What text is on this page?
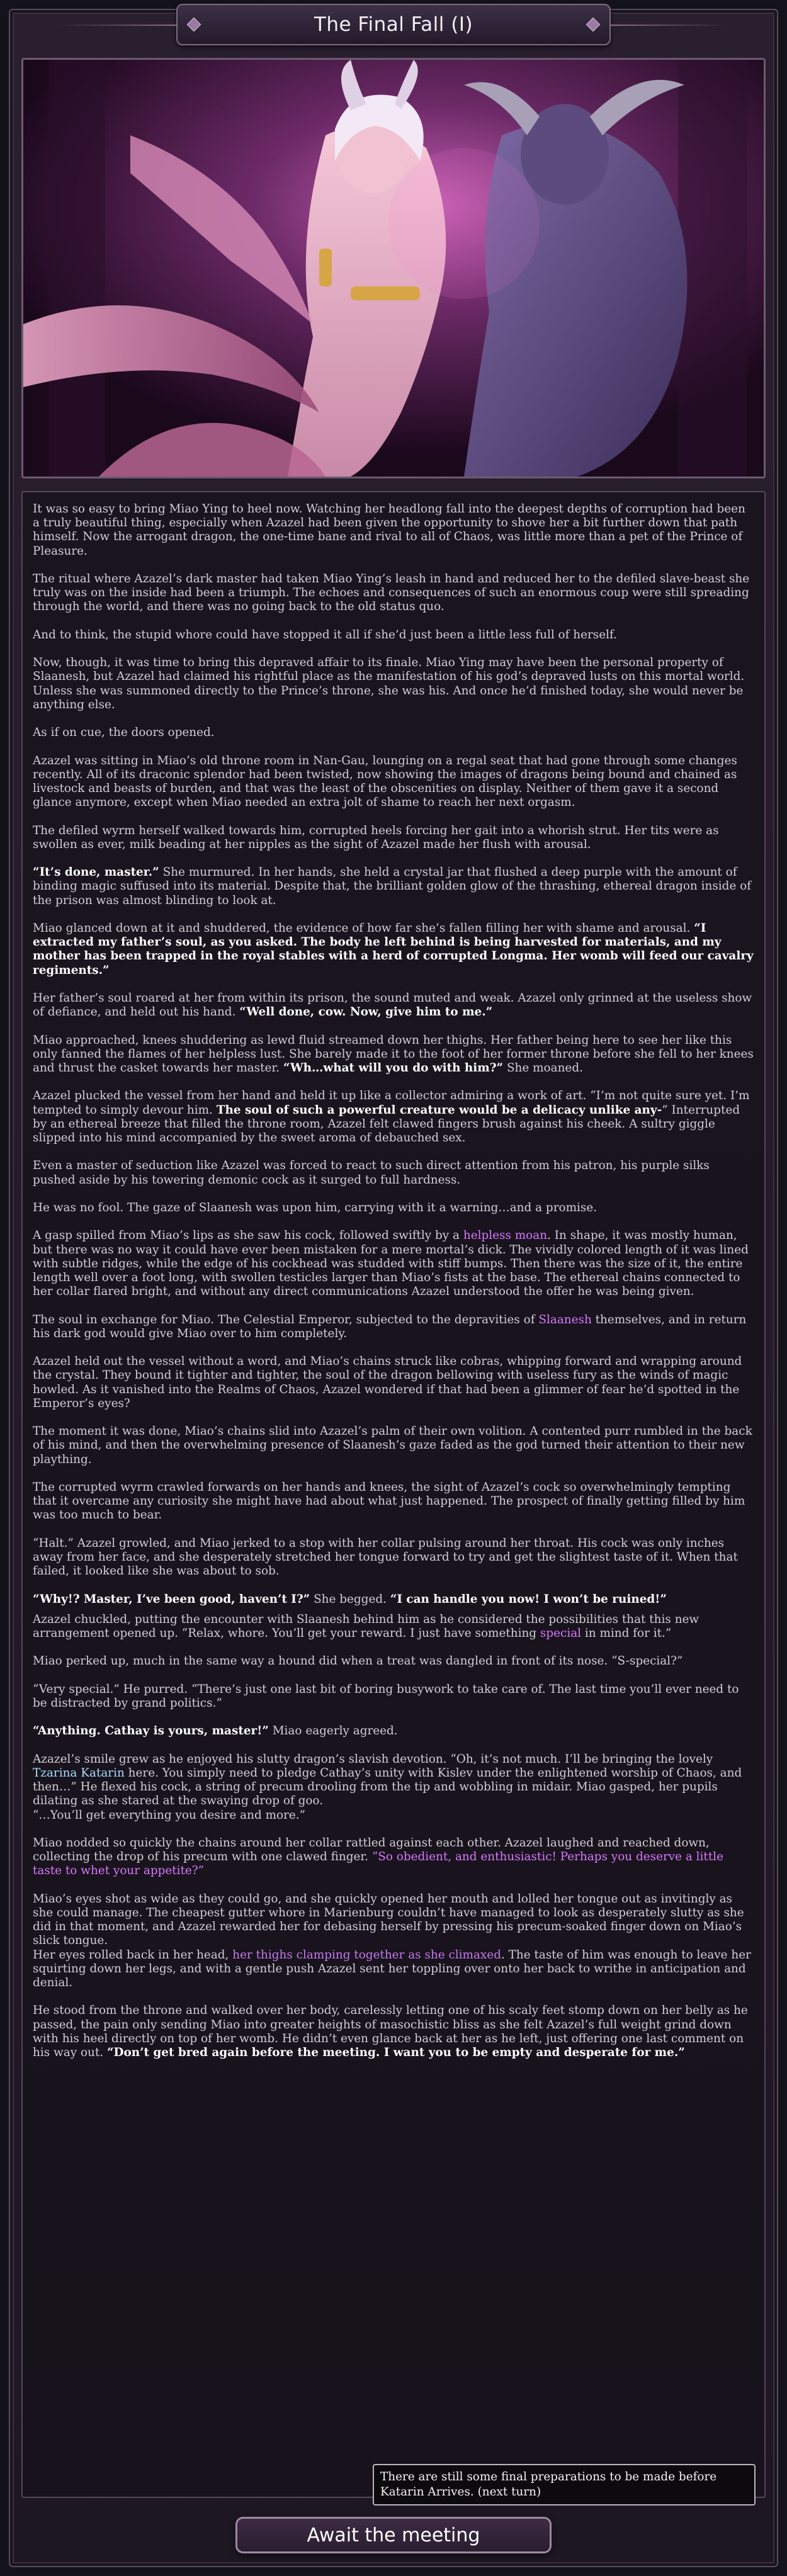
The Final Fall (I)

It was so easy to bring Miao Ying to heel now. Watching her headlong fall into the deepest depths of corruption had been a truly beautiful thing, especially when Azazel had been given the opportunity to shove her a bit further down that path himself. Now the arrogant dragon, the one-time bane and rival to all of Chaos, was little more than a pet of the Prince of Pleasure.

The ritual where Azazel’s dark master had taken Miao Ying’s leash in hand and reduced her to the defiled slave-beast she truly was on the inside had been a triumph. The echoes and consequences of such an enormous coup were still spreading through the world, and there was no going back to the old status quo.

And to think, the stupid whore could have stopped it all if she’d just been a little less full of herself.

Now, though, it was time to bring this depraved affair to its finale. Miao Ying may have been the personal property of Slaanesh, but Azazel had claimed his rightful place as the manifestation of his god’s depraved lusts on this mortal world. Unless she was summoned directly to the Prince’s throne, she was his. And once he’d finished today, she would never be anything else.

As if on cue, the doors opened.

Azazel was sitting in Miao’s old throne room in Nan-Gau, lounging on a regal seat that had gone through some changes recently. All of its draconic splendor had been twisted, now showing the images of dragons being bound and chained as livestock and beasts of burden, and that was the least of the obscenities on display. Neither of them gave it a second glance anymore, except when Miao needed an extra jolt of shame to reach her next orgasm.

The defiled wyrm herself walked towards him, corrupted heels forcing her gait into a whorish strut. Her tits were as swollen as ever, milk beading at her nipples as the sight of Azazel made her flush with arousal.

“It’s done, master.” She murmured. In her hands, she held a crystal jar that flushed a deep purple with the amount of binding magic suffused into its material. Despite that, the brilliant golden glow of the thrashing, ethereal dragon inside of the prison was almost blinding to look at.

Miao glanced down at it and shuddered, the evidence of how far she’s fallen filling her with shame and arousal. “I extracted my father’s soul, as you asked. The body he left behind is being harvested for materials, and my mother has been trapped in the royal stables with a herd of corrupted Longma. Her womb will feed our cavalry regiments.”

Her father’s soul roared at her from within its prison, the sound muted and weak. Azazel only grinned at the useless show of defiance, and held out his hand. “Well done, cow. Now, give him to me.”

Miao approached, knees shuddering as lewd fluid streamed down her thighs. Her father being here to see her like this only fanned the flames of her helpless lust. She barely made it to the foot of her former throne before she fell to her knees and thrust the casket towards her master. “Wh…what will you do with him?” She moaned.

Azazel plucked the vessel from her hand and held it up like a collector admiring a work of art. “I’m not quite sure yet. I’m tempted to simply devour him. The soul of such a powerful creature would be a delicacy unlike any-” Interrupted by an ethereal breeze that filled the throne room, Azazel felt clawed fingers brush against his cheek. A sultry giggle slipped into his mind accompanied by the sweet aroma of debauched sex.

Even a master of seduction like Azazel was forced to react to such direct attention from his patron, his purple silks pushed aside by his towering demonic cock as it surged to full hardness.

He was no fool. The gaze of Slaanesh was upon him, carrying with it a warning…and a promise.

A gasp spilled from Miao’s lips as she saw his cock, followed swiftly by a helpless moan. In shape, it was mostly human, but there was no way it could have ever been mistaken for a mere mortal’s dick. The vividly colored length of it was lined with subtle ridges, while the edge of his cockhead was studded with stiff bumps. Then there was the size of it, the entire length well over a foot long, with swollen testicles larger than Miao’s fists at the base. The ethereal chains connected to her collar flared bright, and without any direct communications Azazel understood the offer he was being given.

The soul in exchange for Miao. The Celestial Emperor, subjected to the depravities of Slaanesh themselves, and in return his dark god would give Miao over to him completely.

Azazel held out the vessel without a word, and Miao’s chains struck like cobras, whipping forward and wrapping around the crystal. They bound it tighter and tighter, the soul of the dragon bellowing with useless fury as the winds of magic howled. As it vanished into the Realms of Chaos, Azazel wondered if that had been a glimmer of fear he’d spotted in the Emperor’s eyes?

The moment it was done, Miao’s chains slid into Azazel’s palm of their own volition. A contented purr rumbled in the back of his mind, and then the overwhelming presence of Slaanesh’s gaze faded as the god turned their attention to their new plaything.

The corrupted wyrm crawled forwards on her hands and knees, the sight of Azazel’s cock so overwhelmingly tempting that it overcame any curiosity she might have had about what just happened. The prospect of finally getting filled by him was too much to bear.

“Halt.” Azazel growled, and Miao jerked to a stop with her collar pulsing around her throat. His cock was only inches away from her face, and she desperately stretched her tongue forward to try and get the slightest taste of it. When that failed, it looked like she was about to sob.

“Why!? Master, I’ve been good, haven’t I?” She begged. “I can handle you now! I won’t be ruined!”

Azazel chuckled, putting the encounter with Slaanesh behind him as he considered the possibilities that this new arrangement opened up. “Relax, whore. You’ll get your reward. I just have something special in mind for it.”

Miao perked up, much in the same way a hound did when a treat was dangled in front of its nose. “S-special?”

“Very special.” He purred. “There’s just one last bit of boring busywork to take care of. The last time you’ll ever need to be distracted by grand politics.”

“Anything. Cathay is yours, master!” Miao eagerly agreed.

Azazel’s smile grew as he enjoyed his slutty dragon’s slavish devotion. “Oh, it’s not much. I’ll be bringing the lovely Tzarina Katarin here. You simply need to pledge Cathay’s unity with Kislev under the enlightened worship of Chaos, and then…” He flexed his cock, a string of precum drooling from the tip and wobbling in midair. Miao gasped, her pupils dilating as she stared at the swaying drop of goo.

“…You’ll get everything you desire and more.”

Miao nodded so quickly the chains around her collar rattled against each other. Azazel laughed and reached down, collecting the drop of his precum with one clawed finger. “So obedient, and enthusiastic! Perhaps you deserve a little taste to whet your appetite?”

Miao’s eyes shot as wide as they could go, and she quickly opened her mouth and lolled her tongue out as invitingly as she could manage. The cheapest gutter whore in Marienburg couldn’t have managed to look as desperately slutty as she did in that moment, and Azazel rewarded her for debasing herself by pressing his precum-soaked finger down on Miao’s slick tongue.

Her eyes rolled back in her head, her thighs clamping together as she climaxed. The taste of him was enough to leave her squirting down her legs, and with a gentle push Azazel sent her toppling over onto her back to writhe in anticipation and denial.

He stood from the throne and walked over her body, carelessly letting one of his scaly feet stomp down on her belly as he passed, the pain only sending Miao into greater heights of masochistic bliss as she felt Azazel’s full weight grind down with his heel directly on top of her womb. He didn’t even glance back at her as he left, just offering one last comment on his way out. “Don’t get bred again before the meeting. I want you to be empty and desperate for me.”

There are still some final preparations to be made before Katarin Arrives. (next turn)
Await the meeting
